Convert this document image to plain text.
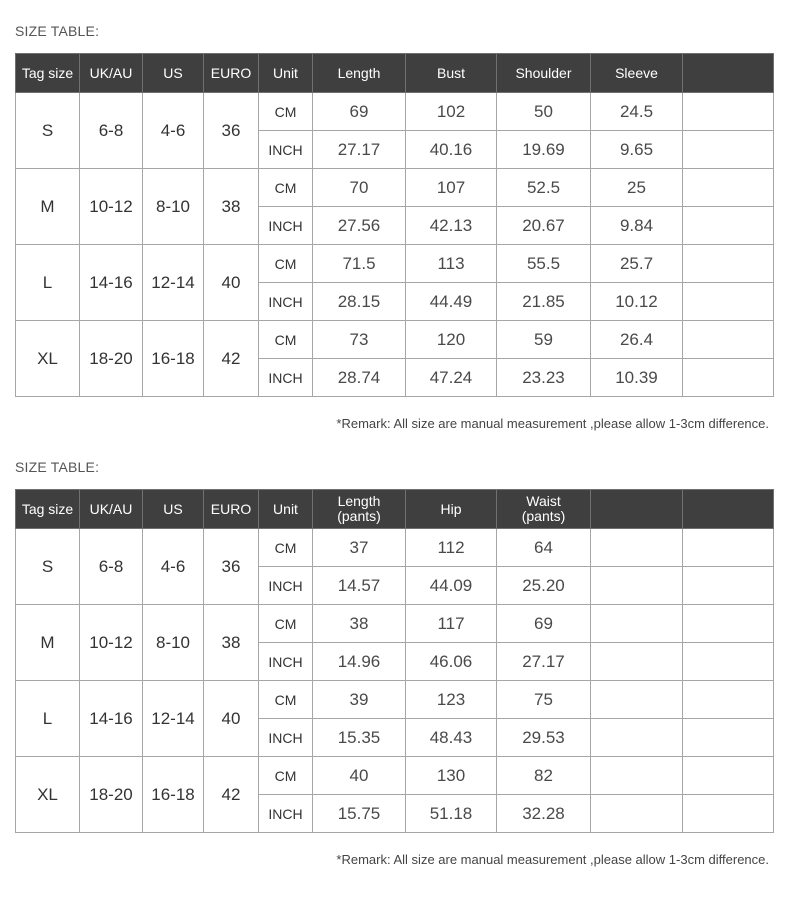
SIZE TABLE:
Tag size	UK/AU	US	EURO	Unit	Length	Bust	Shoulder	Sleeve	
S	6-8	4-6	36	CM	69	102	50	24.5	
				INCH	27.17	40.16	19.69	9.65	
M	10-12	8-10	38	CM	70	107	52.5	25	
				INCH	27.56	42.13	20.67	9.84	
L	14-16	12-14	40	CM	71.5	113	55.5	25.7	
				INCH	28.15	44.49	21.85	10.12	
XL	18-20	16-18	42	CM	73	120	59	26.4	
				INCH	28.74	47.24	23.23	10.39	
*Remark: All size are manual measurement ,please allow 1-3cm difference.
SIZE TABLE:
Tag size	UK/AU	US	EURO	Unit	Length (pants)	Hip	Waist (pants)		
S	6-8	4-6	36	CM	37	112	64		
				INCH	14.57	44.09	25.20		
M	10-12	8-10	38	CM	38	117	69		
				INCH	14.96	46.06	27.17		
L	14-16	12-14	40	CM	39	123	75		
				INCH	15.35	48.43	29.53		
XL	18-20	16-18	42	CM	40	130	82		
				INCH	15.75	51.18	32.28		
*Remark: All size are manual measurement ,please allow 1-3cm difference.
